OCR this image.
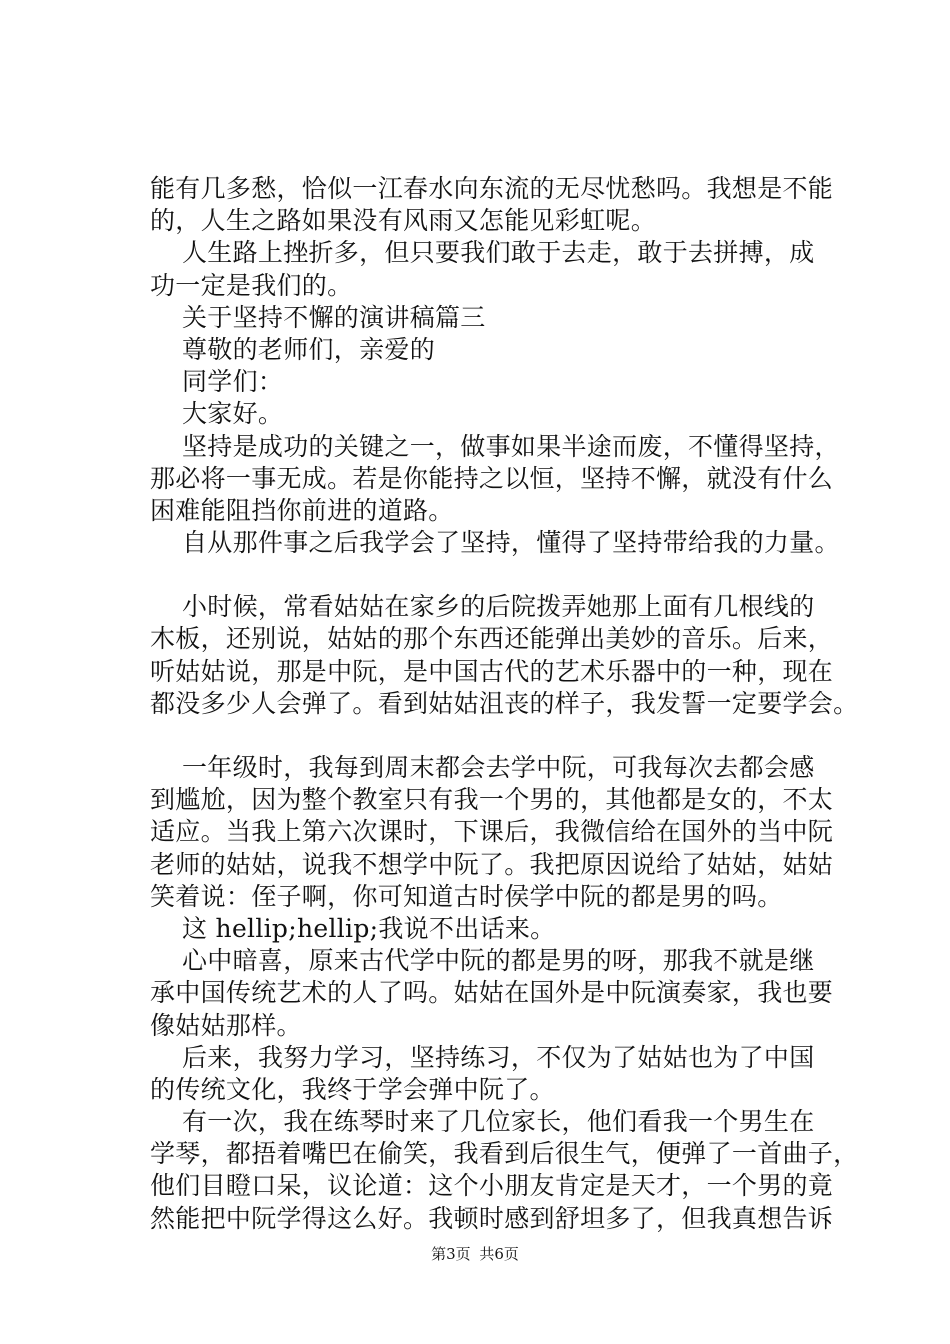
能有几多愁，恰似一江春水向东流的无尽忧愁吗。我想是不能
的，人生之路如果没有风雨又怎能见彩虹呢。
人生路上挫折多，但只要我们敢于去走，敢于去拼搏，成
功一定是我们的。
关于坚持不懈的演讲稿篇三
尊敬的老师们，亲爱的
同学们：
大家好。
坚持是成功的关键之一，做事如果半途而废，不懂得坚持，
那必将一事无成。若是你能持之以恒，坚持不懈，就没有什么
困难能阻挡你前进的道路。
自从那件事之后我学会了坚持，懂得了坚持带给我的力量。
小时候，常看姑姑在家乡的后院拨弄她那上面有几根线的
木板，还别说，姑姑的那个东西还能弹出美妙的音乐。后来，
听姑姑说，那是中阮，是中国古代的艺术乐器中的一种，现在
都没多少人会弹了。看到姑姑沮丧的样子，我发誓一定要学会。
一年级时，我每到周末都会去学中阮，可我每次去都会感
到尴尬，因为整个教室只有我一个男的，其他都是女的，不太
适应。当我上第六次课时，下课后，我微信给在国外的当中阮
老师的姑姑，说我不想学中阮了。我把原因说给了姑姑，姑姑
笑着说：侄子啊，你可知道古时侯学中阮的都是男的吗。
这 hellip;hellip;我说不出话来。
心中暗喜，原来古代学中阮的都是男的呀，那我不就是继
承中国传统艺术的人了吗。姑姑在国外是中阮演奏家，我也要
像姑姑那样。
后来，我努力学习，坚持练习，不仅为了姑姑也为了中国
的传统文化，我终于学会弹中阮了。
有一次，我在练琴时来了几位家长，他们看我一个男生在
学琴，都捂着嘴巴在偷笑，我看到后很生气，便弹了一首曲子，
他们目瞪口呆，议论道：这个小朋友肯定是天才，一个男的竟
然能把中阮学得这么好。我顿时感到舒坦多了，但我真想告诉
第3页 共6页
